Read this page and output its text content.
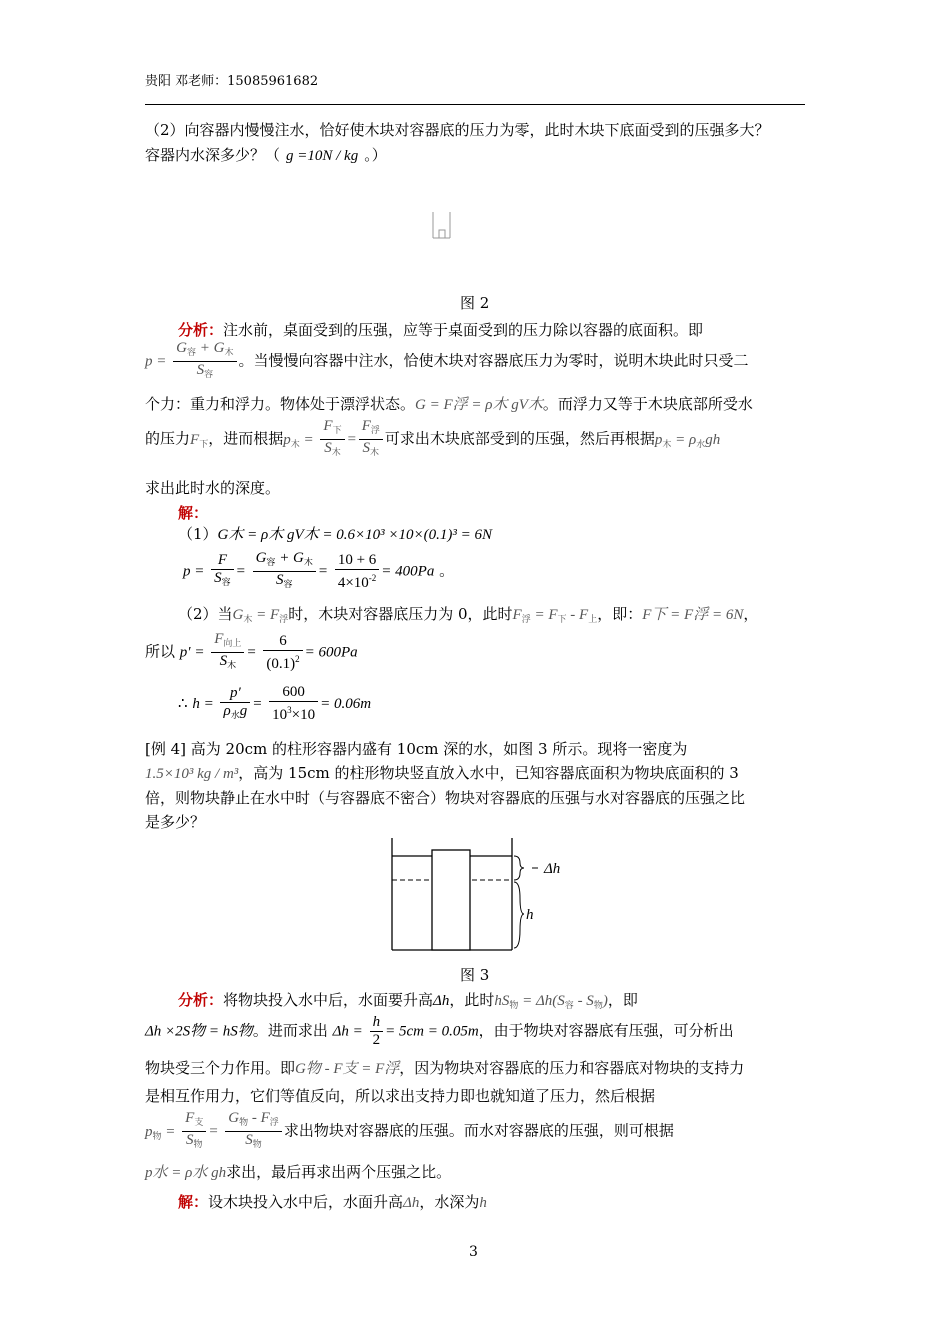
贵阳 邓老师：15085961682
（2）向容器内慢慢注水，恰好使木块对容器底的压力为零，此时木块下底面受到的压强多大？
容器内水深多少？（ g =10N / kg 。）
图 2
分析：注水前，桌面受到的压强，应等于桌面受到的压力除以容器的底面积。即
$p = \frac{G_容 + G_木}{S_容}$ 。当慢慢向容器中注水，恰使木块对容器底压力为零时，说明木块此时只受二
个力：重力和浮力。物体处于漂浮状态。G = F浮 = ρ木 gV木。而浮力又等于木块底部所受水
的压力$F_下$，进而根据$p_木 = \frac{F_下}{S_木} = \frac{F_浮}{S_木}$ 可求出木块底部受到的压强，然后再根据$p_木 = \rho_水gh$
求出此时水的深度。
解：
（1）G木 = ρ木 gV木 = 0.6×10³ ×10×(0.1)³ = 6N
$p = \frac{F}{S_容} = \frac{G_容 + G_木}{S_容} = \frac{10 + 6}{4\times 10^{-2}} = 400Pa$ 。
（2）当$G_木 = F_浮$时，木块对容器底压力为 0，此时$F_浮 = F_下 - F_上$，即：F下 = F浮 = 6N，
所以 $p' = \frac{F_{向上}}{S_木} = \frac{6}{(0.1)^2} = 600Pa$
∴ $h = \frac{p'}{\rho_水g} = \frac{600}{10^3\times 10} = 0.06m$
[例 4] 高为 20cm 的柱形容器内盛有 10cm 深的水，如图 3 所示。现将一密度为
1.5×10³ kg / m³，高为 15cm 的柱形物块竖直放入水中，已知容器底面积为物块底面积的 3
倍，则物块静止在水中时（与容器底不密合）物块对容器底的压强与水对容器底的压强之比
是多少？
Δh
h
图 3
分析：将物块投入水中后，水面要升高Δh，此时$hS_物 = \Delta h(S_容 - S_物)$，即
Δh ×2S物 = hS物。进而求出 $\Delta h = \frac{h}{2} = 5cm = 0.05m$，由于物块对容器底有压强，可分析出
物块受三个力作用。即G物 - F支 = F浮，因为物块对容器底的压力和容器底对物块的支持力
是相互作用力，它们等值反向，所以求出支持力即也就知道了压力，然后根据
$p_物 = \frac{F_支}{S_物} = \frac{G_物 - F_浮}{S_物}$ 求出物块对容器底的压强。而水对容器底的压强，则可根据
p水 = ρ水 gh求出，最后再求出两个压强之比。
解：设木块投入水中后，水面升高Δh，水深为h
3
